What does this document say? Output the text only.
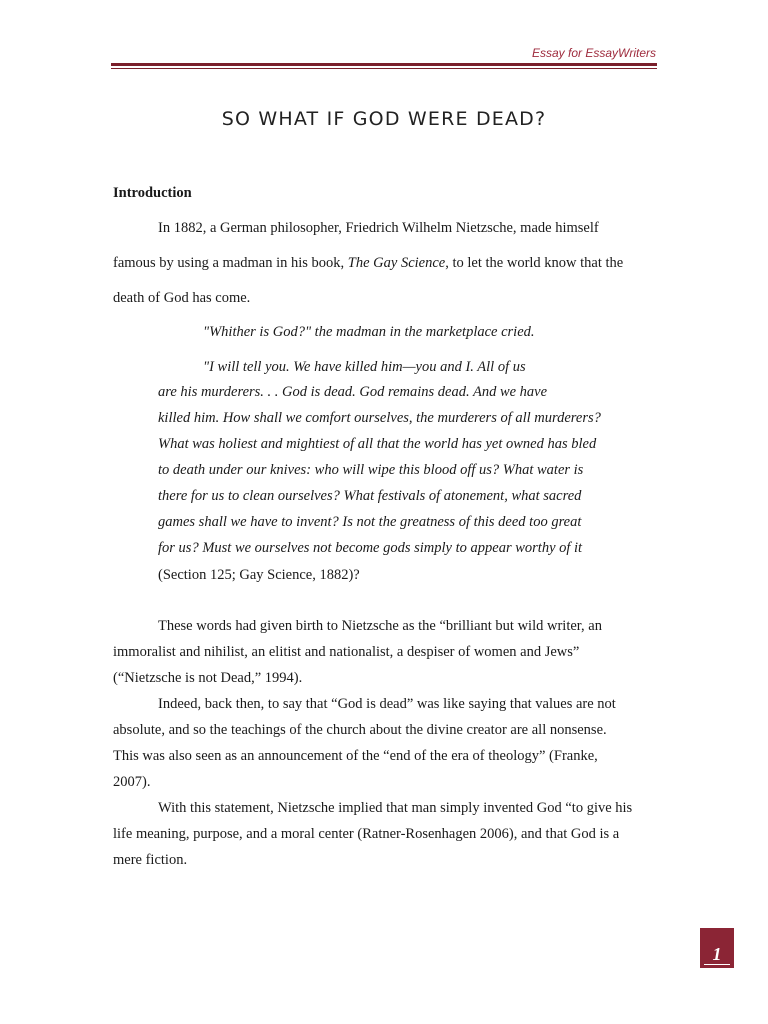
Essay for EssayWriters
SO WHAT IF GOD WERE DEAD?
Introduction
In 1882, a German philosopher, Friedrich Wilhelm Nietzsche, made himself
famous by using a madman in his book, The Gay Science, to let the world know that the
death of God has come.
"Whither is God?" the madman in the marketplace cried.
"I will tell you. We have killed him—you and I. All of us
are his murderers. . . God is dead. God remains dead. And we have
killed him. How shall we comfort ourselves, the murderers of all murderers?
What was holiest and mightiest of all that the world has yet owned has bled
to death under our knives: who will wipe this blood off us? What water is
there for us to clean ourselves? What festivals of atonement, what sacred
games shall we have to invent? Is not the greatness of this deed too great
for us? Must we ourselves not become gods simply to appear worthy of it
(Section 125; Gay Science, 1882)?
These words had given birth to Nietzsche as the “brilliant but wild writer, an
immoralist and nihilist, an elitist and nationalist, a despiser of women and Jews”
(“Nietzsche is not Dead,” 1994).
Indeed, back then, to say that “God is dead” was like saying that values are not
absolute, and so the teachings of the church about the divine creator are all nonsense.
This was also seen as an announcement of the “end of the era of theology” (Franke,
2007).
With this statement, Nietzsche implied that man simply invented God “to give his
life meaning, purpose, and a moral center (Ratner-Rosenhagen 2006), and that God is a
mere fiction.
1
